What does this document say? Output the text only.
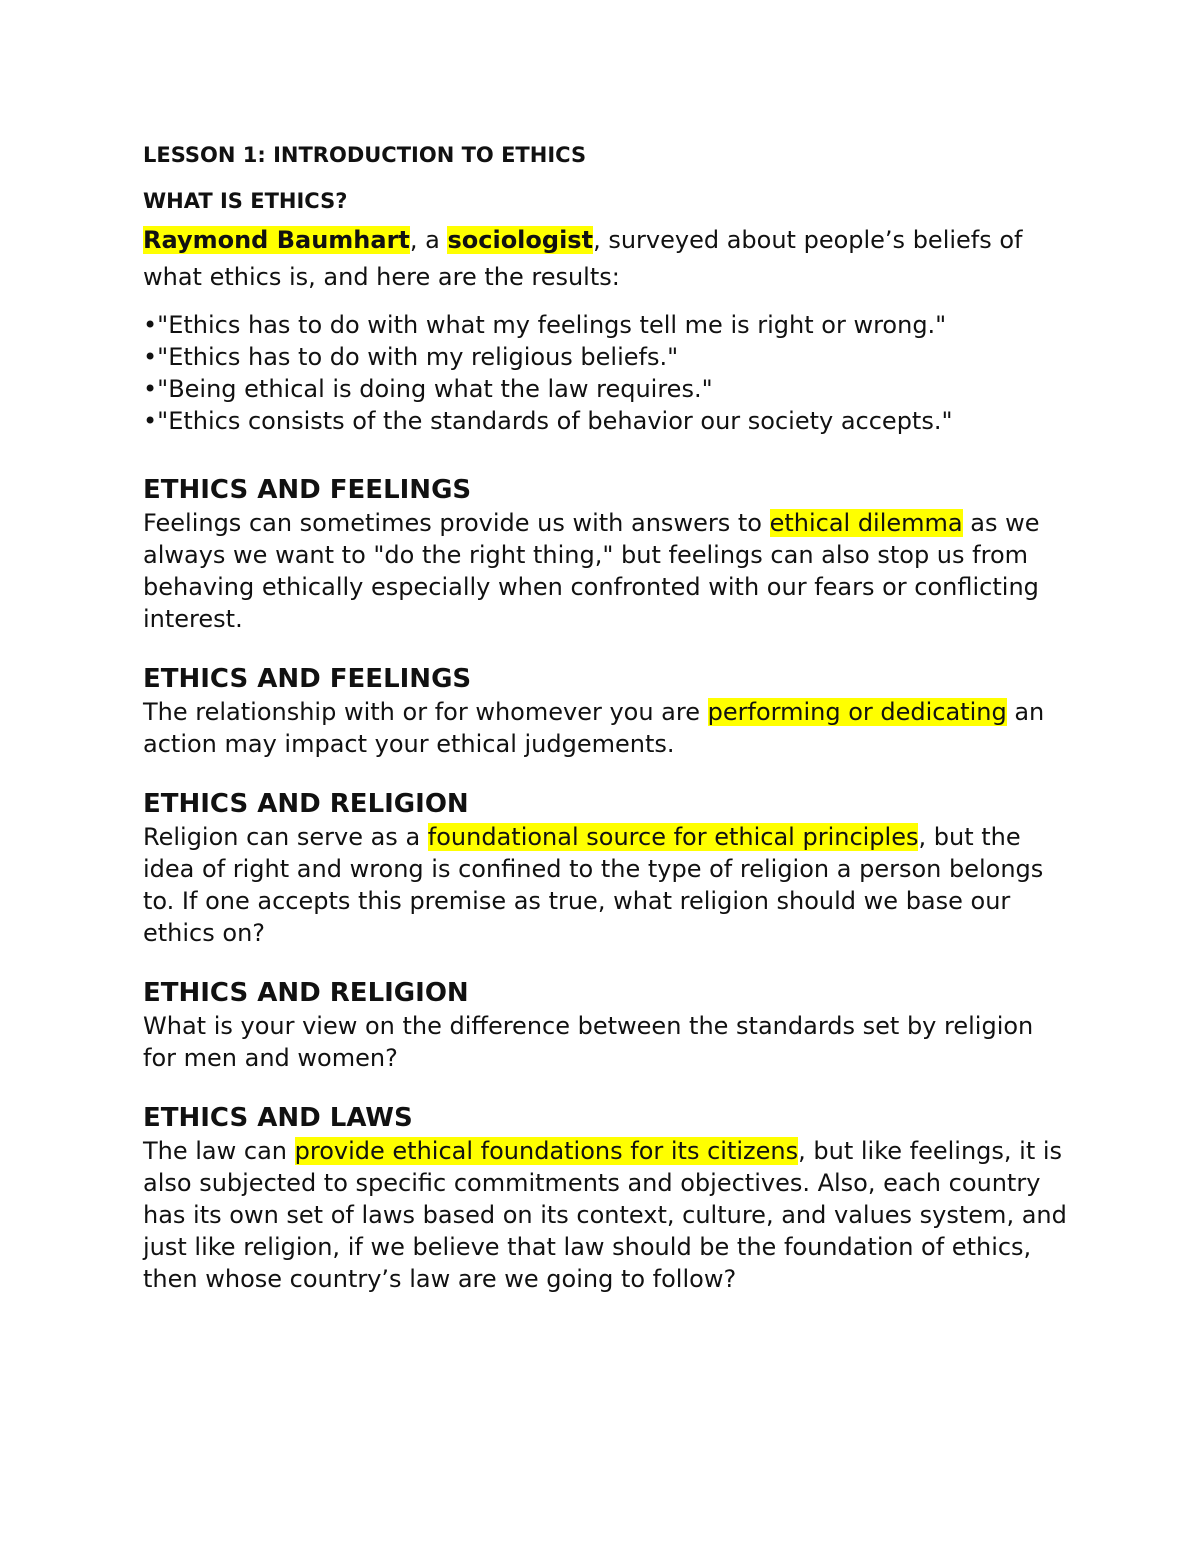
LESSON 1: INTRODUCTION TO ETHICS

WHAT IS ETHICS?

Raymond Baumhart, a sociologist, surveyed about people’s beliefs of what ethics is, and here are the results:

•"Ethics has to do with what my feelings tell me is right or wrong."
•"Ethics has to do with my religious beliefs."
•"Being ethical is doing what the law requires."
•"Ethics consists of the standards of behavior our society accepts."
ETHICS AND FEELINGS

Feelings can sometimes provide us with answers to ethical dilemma as we always we want to "do the right thing," but feelings can also stop us from behaving ethically especially when confronted with our fears or conflicting interest.

ETHICS AND FEELINGS

The relationship with or for whomever you are performing or dedicating an action may impact your ethical judgements.

ETHICS AND RELIGION

Religion can serve as a foundational source for ethical principles, but the idea of right and wrong is confined to the type of religion a person belongs to. If one accepts this premise as true, what religion should we base our ethics on?

ETHICS AND RELIGION

What is your view on the difference between the standards set by religion for men and women?

ETHICS AND LAWS

The law can provide ethical foundations for its citizens, but like feelings, it is also subjected to specific commitments and objectives. Also, each country has its own set of laws based on its context, culture, and values system, and just like religion, if we believe that law should be the foundation of ethics, then whose country’s law are we going to follow?
